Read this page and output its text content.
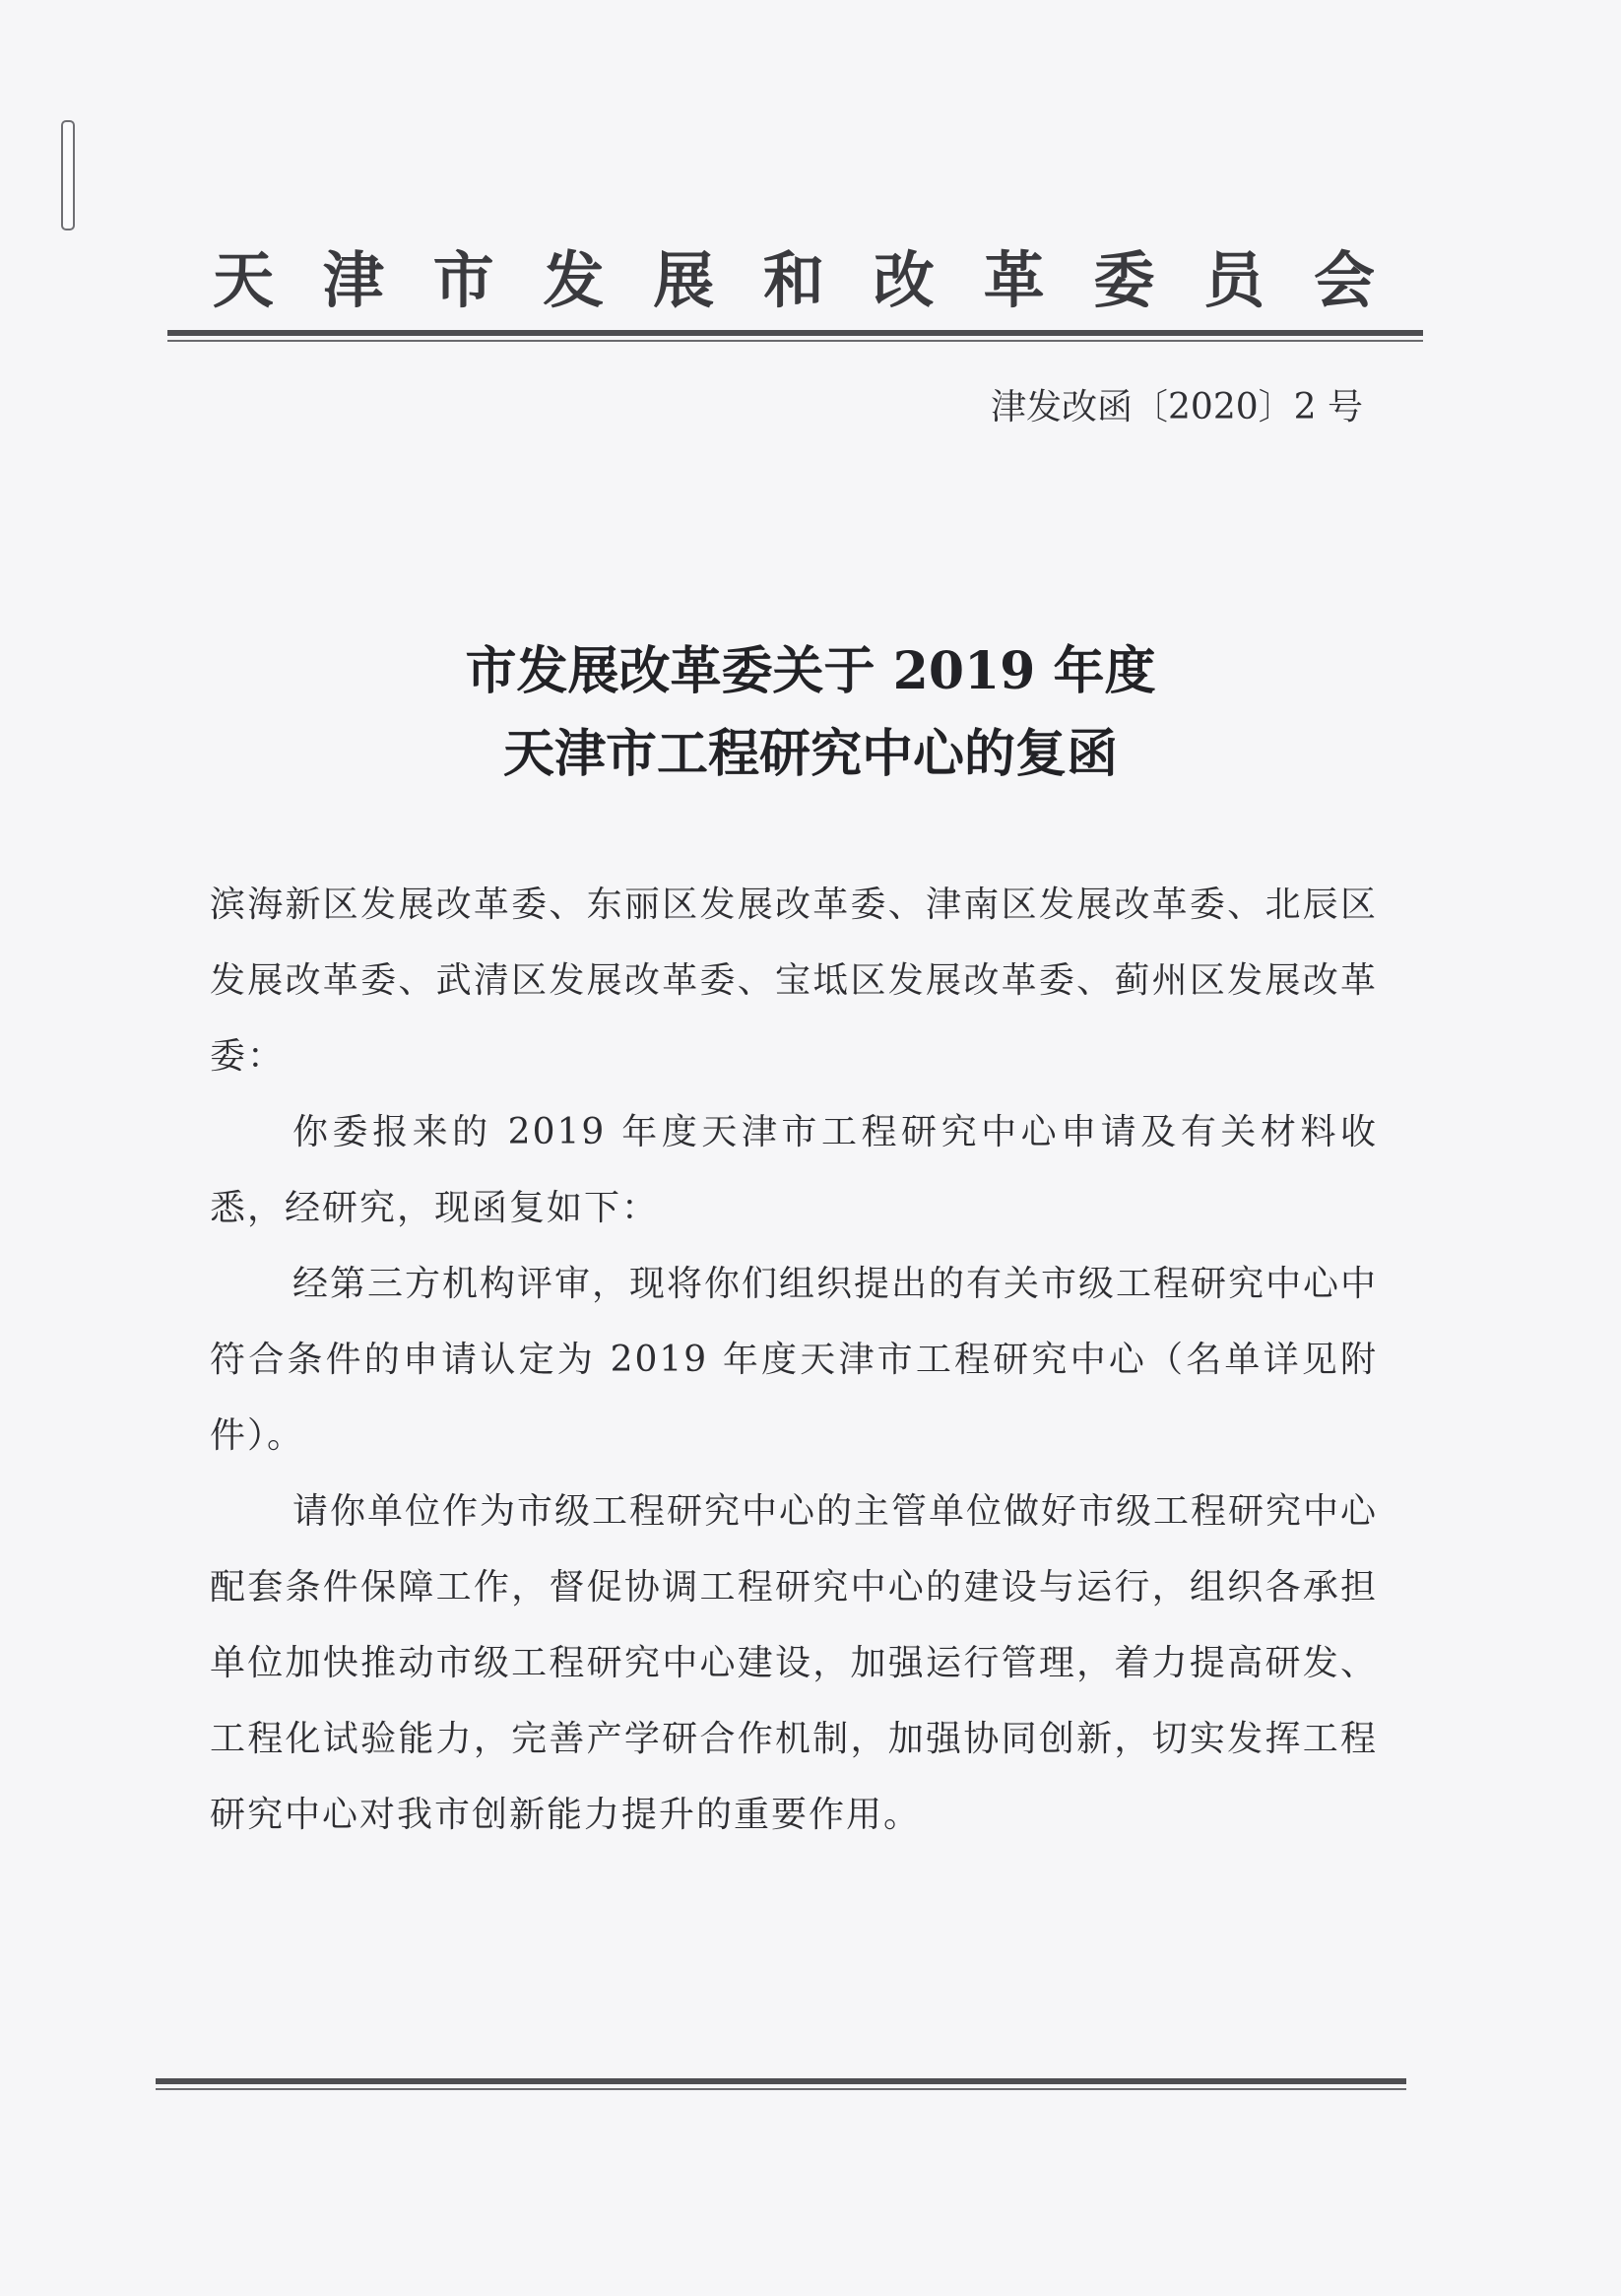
天 津 市 发 展 和 改 革 委 员 会
津发改函〔2020〕2 号
市发展改革委关于 2019 年度
天津市工程研究中心的复函

滨海新区发展改革委、东丽区发展改革委、津南区发展改革委、北辰区发展改革委、武清区发展改革委、宝坻区发展改革委、蓟州区发展改革委：

你委报来的 2019 年度天津市工程研究中心申请及有关材料收悉，经研究，现函复如下：

经第三方机构评审，现将你们组织提出的有关市级工程研究中心中符合条件的申请认定为 2019 年度天津市工程研究中心（名单详见附件）。

请你单位作为市级工程研究中心的主管单位做好市级工程研究中心配套条件保障工作，督促协调工程研究中心的建设与运行，组织各承担单位加快推动市级工程研究中心建设，加强运行管理，着力提高研发、工程化试验能力，完善产学研合作机制，加强协同创新，切实发挥工程研究中心对我市创新能力提升的重要作用。
